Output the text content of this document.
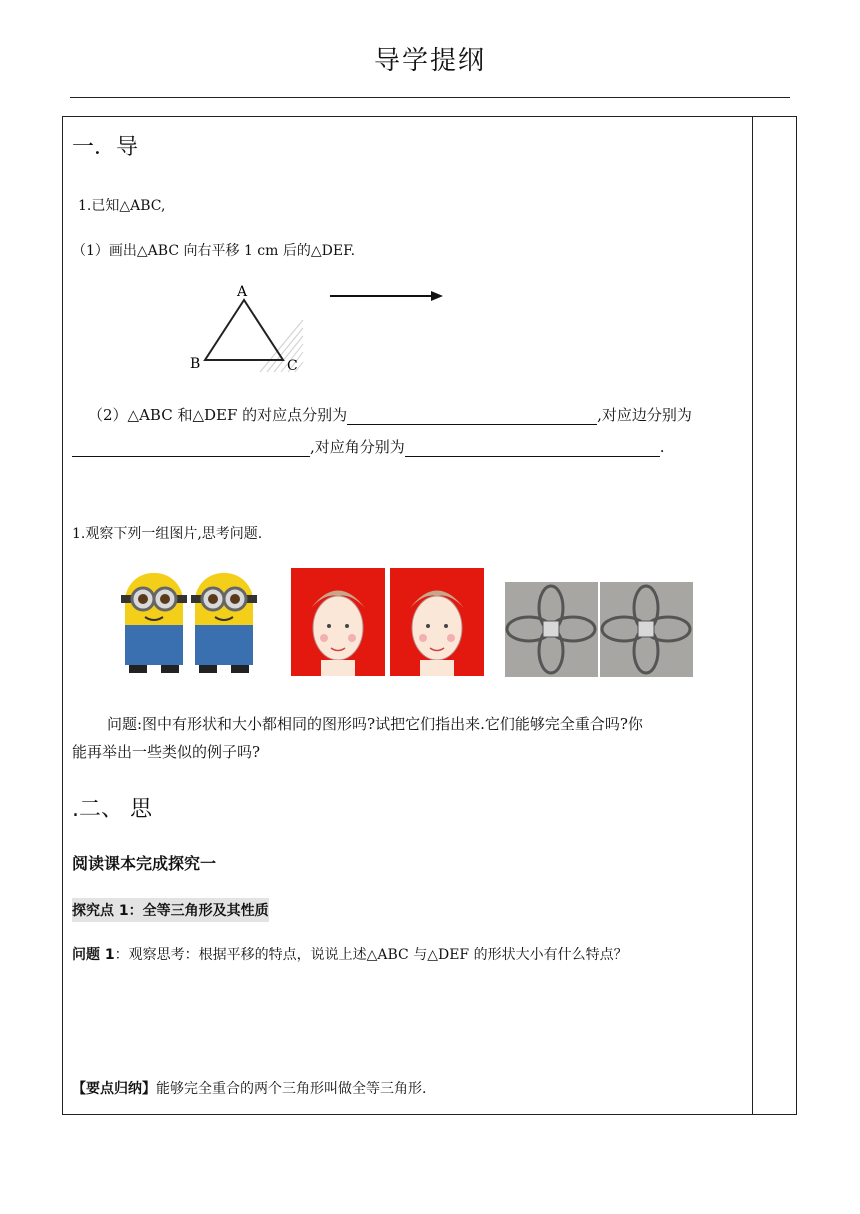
导学提纲
一．导
1.已知△ABC,
（1）画出△ABC 向右平移 1 cm 后的△DEF.
A
B	C
（2）△ABC 和△DEF 的对应点分别为	,对应边分别为
,对应角分别为	.
1.观察下列一组图片,思考问题.
问题:图中有形状和大小都相同的图形吗?试把它们指出来.它们能够完全重合吗?你
能再举出一些类似的例子吗?
.二、 思
阅读课本完成探究一
探究点 1：全等三角形及其性质
问题 1：观察思考：根据平移的特点，说说上述△ABC 与△DEF 的形状大小有什么特点？
【要点归纳】能够完全重合的两个三角形叫做全等三角形.
